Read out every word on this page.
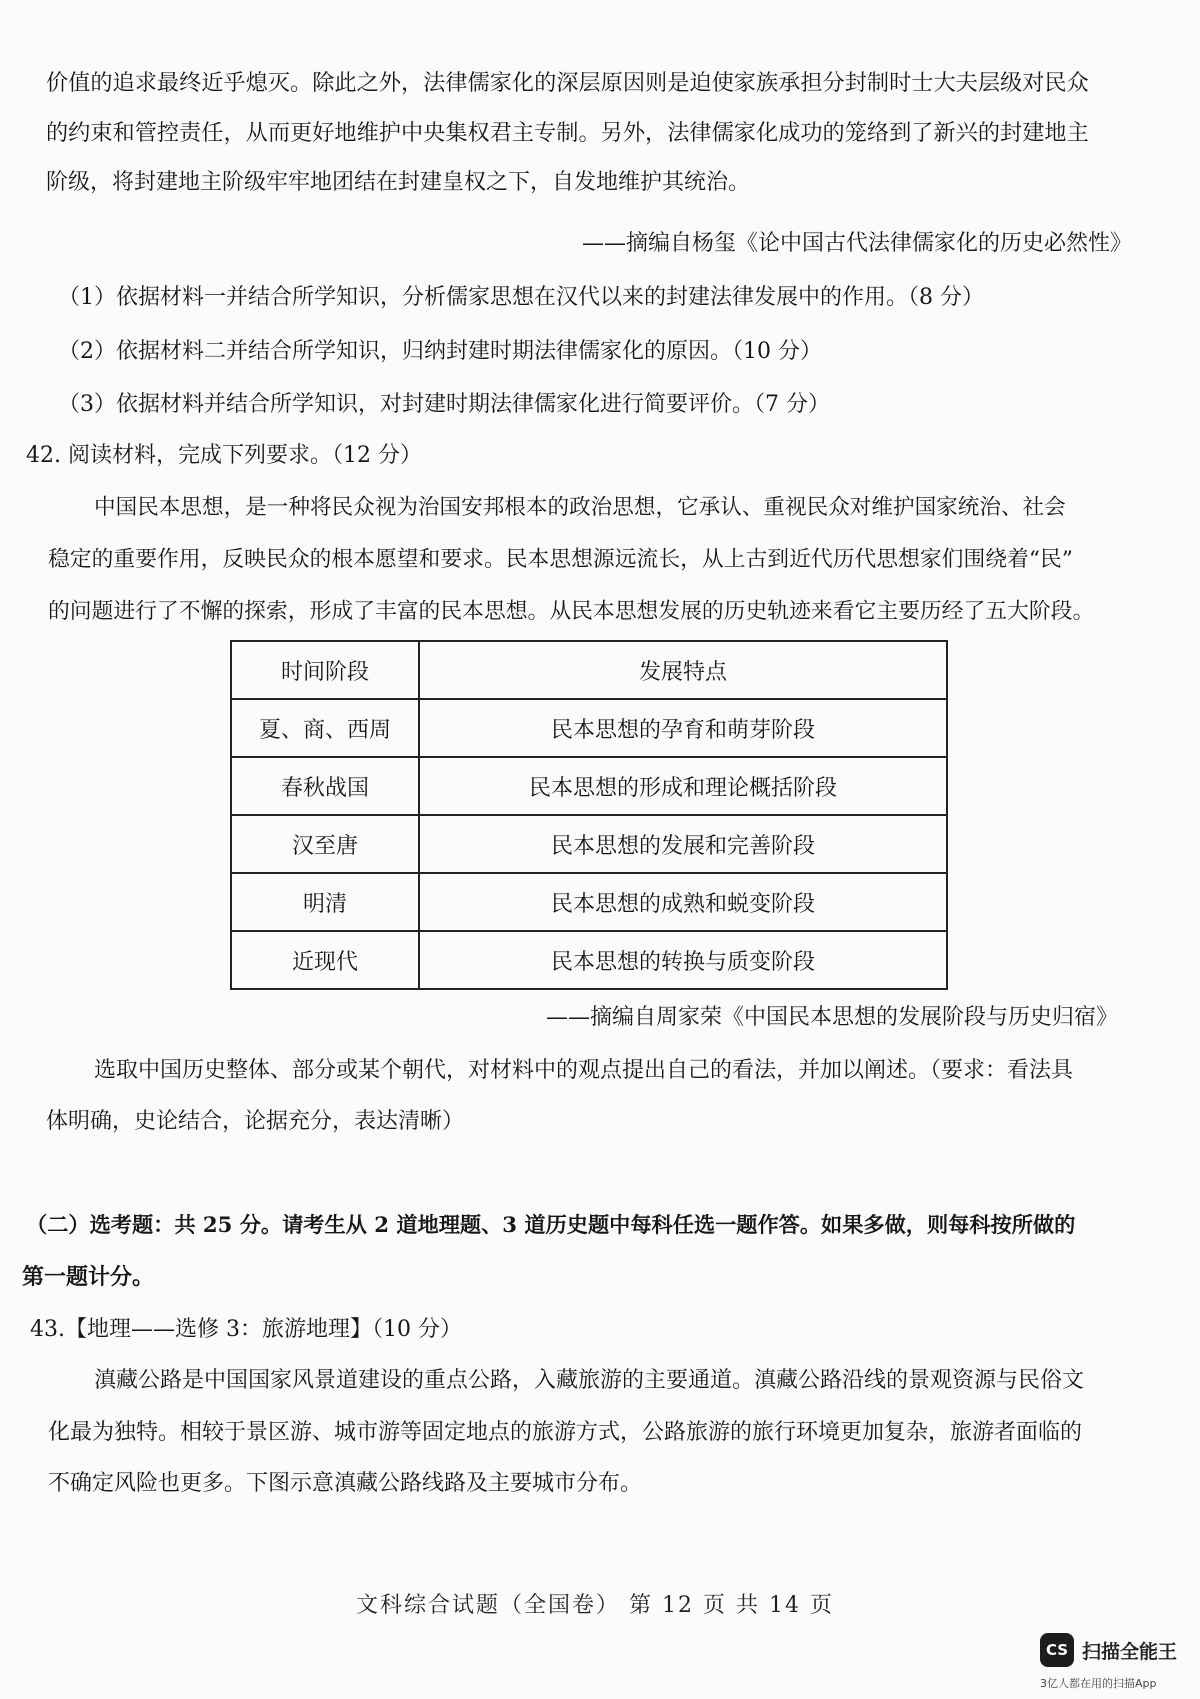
价值的追求最终近乎熄灭。除此之外，法律儒家化的深层原因则是迫使家族承担分封制时士大夫层级对民众
的约束和管控责任，从而更好地维护中央集权君主专制。另外，法律儒家化成功的笼络到了新兴的封建地主
阶级，将封建地主阶级牢牢地团结在封建皇权之下，自发地维护其统治。
——摘编自杨玺《论中国古代法律儒家化的历史必然性》
（1）依据材料一并结合所学知识，分析儒家思想在汉代以来的封建法律发展中的作用。（8 分）
（2）依据材料二并结合所学知识，归纳封建时期法律儒家化的原因。（10 分）
（3）依据材料并结合所学知识，对封建时期法律儒家化进行简要评价。（7 分）
42. 阅读材料，完成下列要求。（12 分）
中国民本思想，是一种将民众视为治国安邦根本的政治思想，它承认、重视民众对维护国家统治、社会
稳定的重要作用，反映民众的根本愿望和要求。民本思想源远流长，从上古到近代历代思想家们围绕着“民”
的问题进行了不懈的探索，形成了丰富的民本思想。从民本思想发展的历史轨迹来看它主要历经了五大阶段。
时间阶段	发展特点
夏、商、西周	民本思想的孕育和萌芽阶段
春秋战国	民本思想的形成和理论概括阶段
汉至唐	民本思想的发展和完善阶段
明清	民本思想的成熟和蜕变阶段
近现代	民本思想的转换与质变阶段
——摘编自周家荣《中国民本思想的发展阶段与历史归宿》
选取中国历史整体、部分或某个朝代，对材料中的观点提出自己的看法，并加以阐述。（要求：看法具
体明确，史论结合，论据充分，表达清晰）
（二）选考题：共 25 分。请考生从 2 道地理题、3 道历史题中每科任选一题作答。如果多做，则每科按所做的
第一题计分。
43.【地理——选修 3：旅游地理】（10 分）
滇藏公路是中国国家风景道建设的重点公路，入藏旅游的主要通道。滇藏公路沿线的景观资源与民俗文
化最为独特。相较于景区游、城市游等固定地点的旅游方式，公路旅游的旅行环境更加复杂，旅游者面临的
不确定风险也更多。下图示意滇藏公路线路及主要城市分布。
文科综合试题（全国卷） 第 12 页 共 14 页
CS 扫描全能王
3亿人都在用的扫描App
